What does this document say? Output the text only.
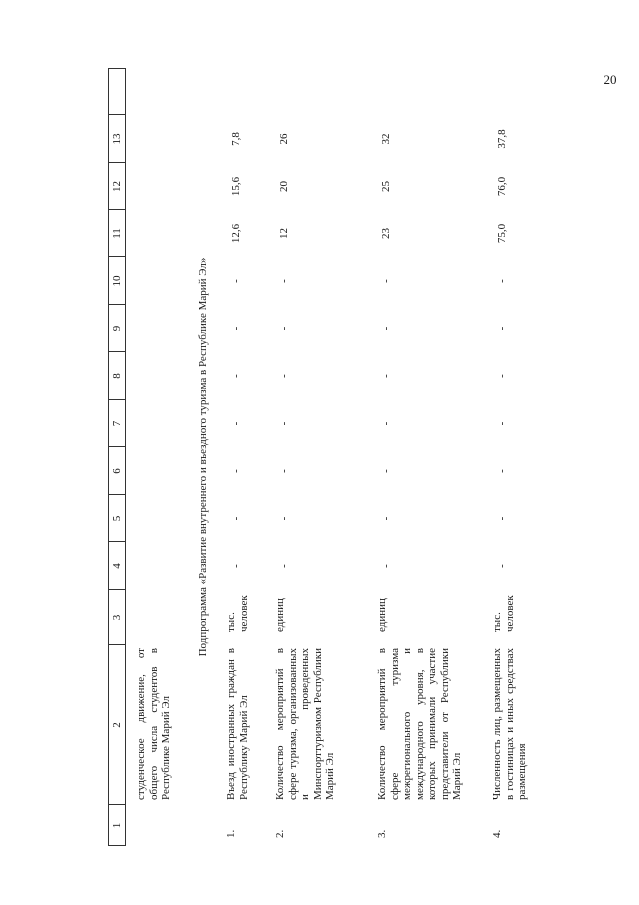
20
1
2
3
4
5
6
7
8
9
10
11
12
13
студенческое движение, от общего числа студентов в Республике Марий Эл
Подпрограмма «Развитие внутреннего и въездного туризма в Республике Марий Эл»
1.
Въезд иностранных граждан в Республику Марий Эл
тыс. человек
-
-
-
-
-
-
-
12,6
15,6
7,8
2.
Количество мероприятий в сфере туризма, организованных и проведенных Минспорттуризмом Республики Марий Эл
единиц
-
-
-
-
-
-
-
12
20
26
3.
Количество мероприятий в сфере туризма межрегионального и международного уровня, в которых принимали участие представители от Республики Марий Эл
единиц
-
-
-
-
-
-
-
23
25
32
4.
Численность лиц, размещенных в гостиницах и иных средствах размещения
тыс. человек
-
-
-
-
-
-
-
75,0
76,0
37,8
